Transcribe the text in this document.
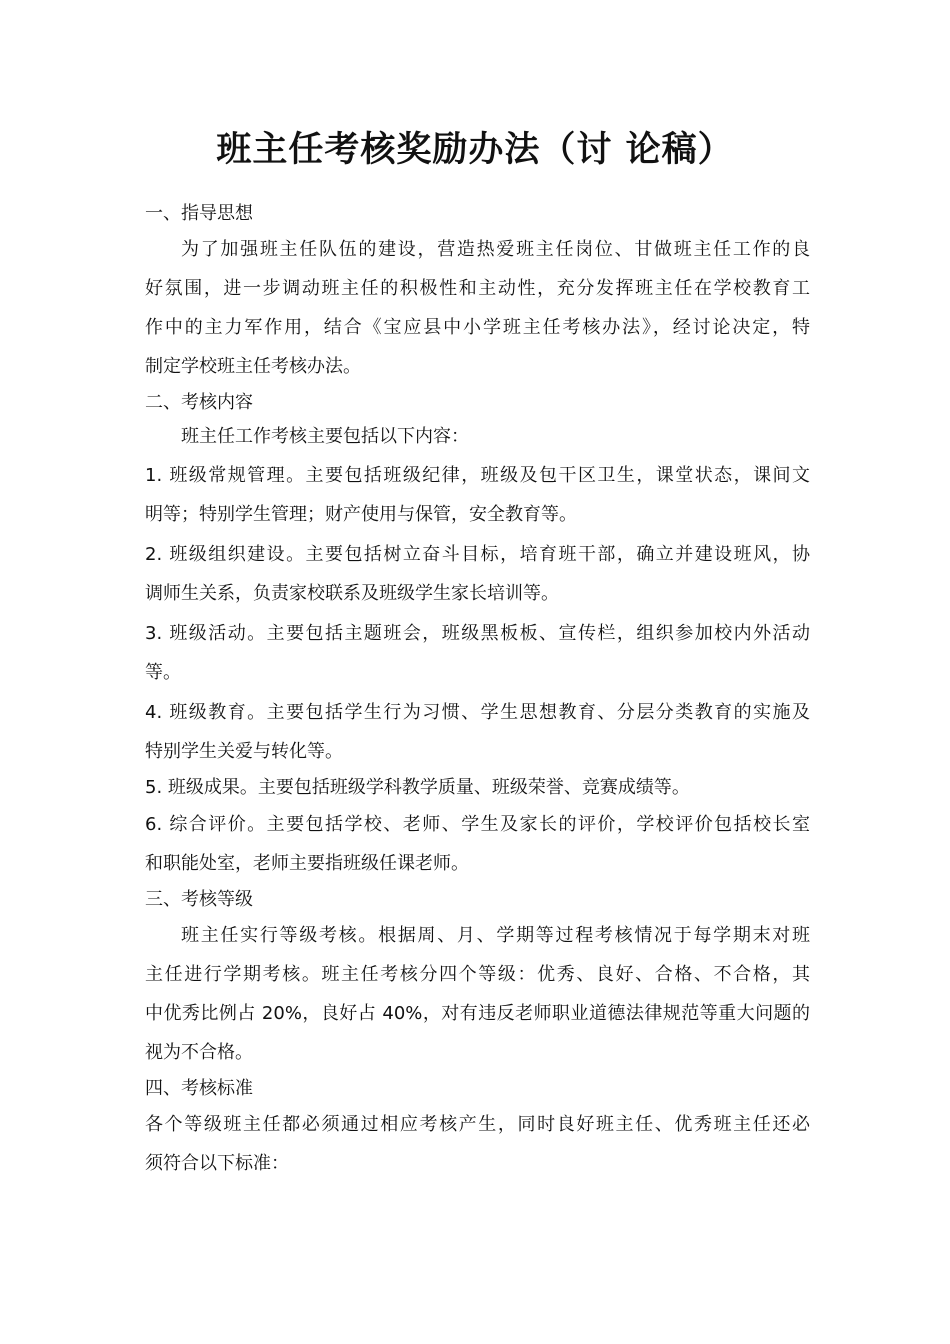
班主任考核奖励办法（讨 论稿）

一、指导思想

为了加强班主任队伍的建设，营造热爱班主任岗位、甘做班主任工作的良

好氛围，进一步调动班主任的积极性和主动性，充分发挥班主任在学校教育工

作中的主力军作用，结合《宝应县中小学班主任考核办法》，经讨论决定，特

制定学校班主任考核办法。

二、考核内容

班主任工作考核主要包括以下内容：

1. 班级常规管理。主要包括班级纪律，班级及包干区卫生，课堂状态，课间文

明等；特别学生管理；财产使用与保管，安全教育等。

2. 班级组织建设。主要包括树立奋斗目标，培育班干部，确立并建设班风，协

调师生关系，负责家校联系及班级学生家长培训等。

3. 班级活动。主要包括主题班会，班级黑板板、宣传栏，组织参加校内外活动

等。

4. 班级教育。主要包括学生行为习惯、学生思想教育、分层分类教育的实施及

特别学生关爱与转化等。

5. 班级成果。主要包括班级学科教学质量、班级荣誉、竞赛成绩等。

6. 综合评价。主要包括学校、老师、学生及家长的评价，学校评价包括校长室

和职能处室，老师主要指班级任课老师。

三、考核等级

班主任实行等级考核。根据周、月、学期等过程考核情况于每学期末对班

主任进行学期考核。班主任考核分四个等级：优秀、良好、合格、不合格，其

中优秀比例占 20%，良好占 40%，对有违反老师职业道德法律规范等重大问题的

视为不合格。

四、考核标准

各个等级班主任都必须通过相应考核产生，同时良好班主任、优秀班主任还必

须符合以下标准：
